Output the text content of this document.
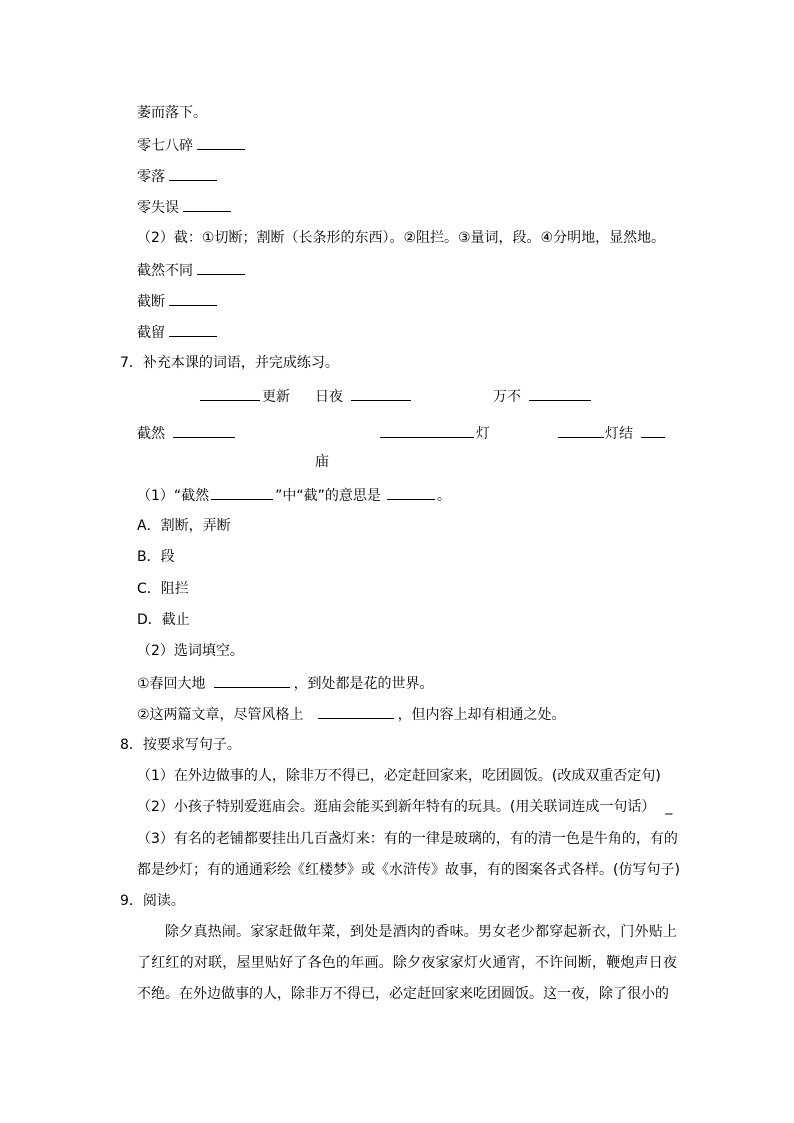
萎而落下。
零七八碎
零落
零失误
（2）截：①切断；割断（长条形的东西）。②阻拦。③量词，段。④分明地，显然地。
截然不同
截断
截留
7．补充本课的词语，并完成练习。
更新 日夜	万不
截然	灯	灯结
庙
（1）“截然	”中“截”的意思是	。
A．割断，弄断
B．段
C．阻拦
D．截止
（2）选词填空。
①春回大地	，到处都是花的世界。
②这两篇文章，尽管风格上	，但内容上却有相通之处。
8．按要求写句子。
（1）在外边做事的人，除非万不得已，必定赶回家来，吃团圆饭。(改成双重否定句)
（2）小孩子特别爱逛庙会。逛庙会能买到新年特有的玩具。(用关联词连成一句话） _
（3）有名的老铺都要挂出几百盏灯来：有的一律是玻璃的，有的清一色是牛角的，有的
都是纱灯；有的通通彩绘《红楼梦》或《水浒传》故事，有的图案各式各样。(仿写句子)
9．阅读。
除夕真热闹。家家赶做年菜，到处是酒肉的香味。男女老少都穿起新衣，门外贴上了红红的对联，屋里贴好了各色的年画。除夕夜家家灯火通宵，不许间断，鞭炮声日夜不绝。在外边做事的人，除非万不得已，必定赶回家来吃团圆饭。这一夜，除了很小的
